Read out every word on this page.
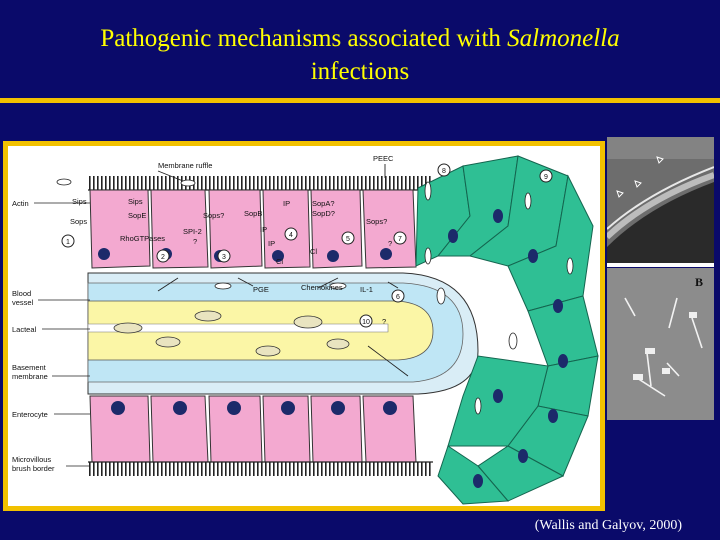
Pathogenic mechanisms associated with Salmonella
infections
1
2	3
4
5
6
7
8
9
10
Actin
Blood vessel
Lacteal
Basement membrane
Enterocyte
Microvillous brush border
Membrane ruffle
PEEC
Sips
Sops
Sips
SopE
RhoGTPases
Sops?
SPI-2
?
SopB
IP
IP
IP	SopA?
SopD?
Cl
Cl
Sops?
?
PGE	Chemokines IL-1
?
B
(Wallis and Galyov, 2000)
